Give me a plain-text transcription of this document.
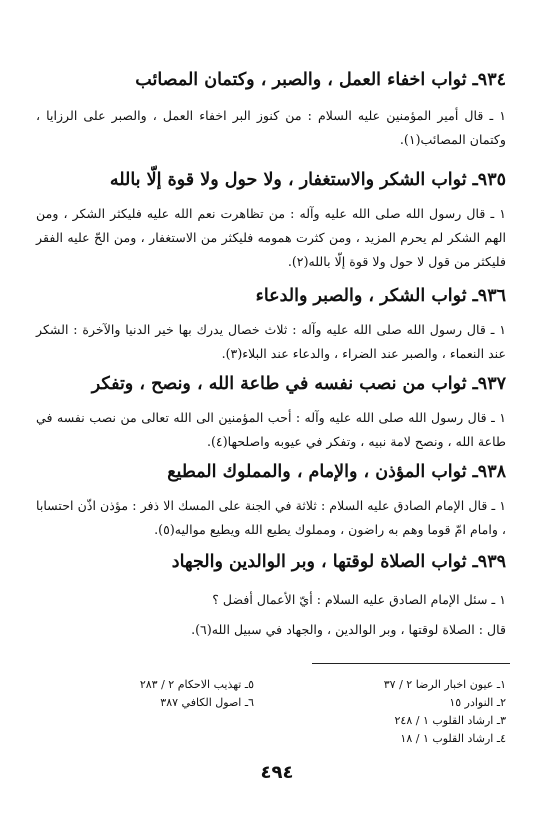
٩٣٤ـ ثواب اخفاء العمل ، والصبر ، وكتمان المصائب

١ ـ قال أمير المؤمنين عليه السلام : من كنوز البر اخفاء العمل ، والصبر على الرزايا ، وكتمان المصائب(١).

٩٣٥ـ ثواب الشكر والاستغفار ، ولا حول ولا قوة إلّا بالله

١ ـ قال رسول الله صلى الله عليه وآله : من تظاهرت نعم الله عليه فليكثر الشكر ، ومن الهم الشكر لم يحرم المزيد ، ومن كثرت همومه فليكثر من الاستغفار ، ومن الحّ عليه الفقر فليكثر من قول لا حول ولا قوة إلّا بالله(٢).

٩٣٦ـ ثواب الشكر ، والصبر والدعاء

١ ـ قال رسول الله صلى الله عليه وآله : ثلاث خصال يدرك بها خير الدنيا والآخرة : الشكر عند النعماء ، والصبر عند الضراء ، والدعاء عند البلاء(٣).

٩٣٧ـ ثواب من نصب نفسه في طاعة الله ، ونصح ، وتفكر

١ ـ قال رسول الله صلى الله عليه وآله : أحب المؤمنين الى الله تعالى من نصب نفسه في طاعة الله ، ونصح لامة نبيه ، وتفكر في عيوبه واصلحها(٤).

٩٣٨ـ ثواب المؤذن ، والإمام ، والمملوك المطيع

١ ـ قال الإمام الصادق عليه السلام : ثلاثة في الجنة على المسك الا ذفر : مؤذن اذّن احتسابا ، وامام امّ قوما وهم به راضون ، ومملوك يطيع الله ويطيع مواليه(٥).

٩٣٩ـ ثواب الصلاة لوقتها ، وبر الوالدين والجهاد

١ ـ سئل الإمام الصادق عليه السلام : أيّ الأعمال أفضل ؟

قال : الصلاة لوقتها ، وبر الوالدين ، والجهاد في سبيل الله(٦).

١ـ عيون اخبار الرضا ٢ / ٣٧
٢ـ النوادر ١٥
٣ـ ارشاد القلوب ١ / ٢٤٨
٤ـ ارشاد القلوب ١ / ١٨
٥ـ تهذيب الاحكام ٢ / ٢٨٣
٦ـ اصول الكافي ٣٨٧
٤٩٤
